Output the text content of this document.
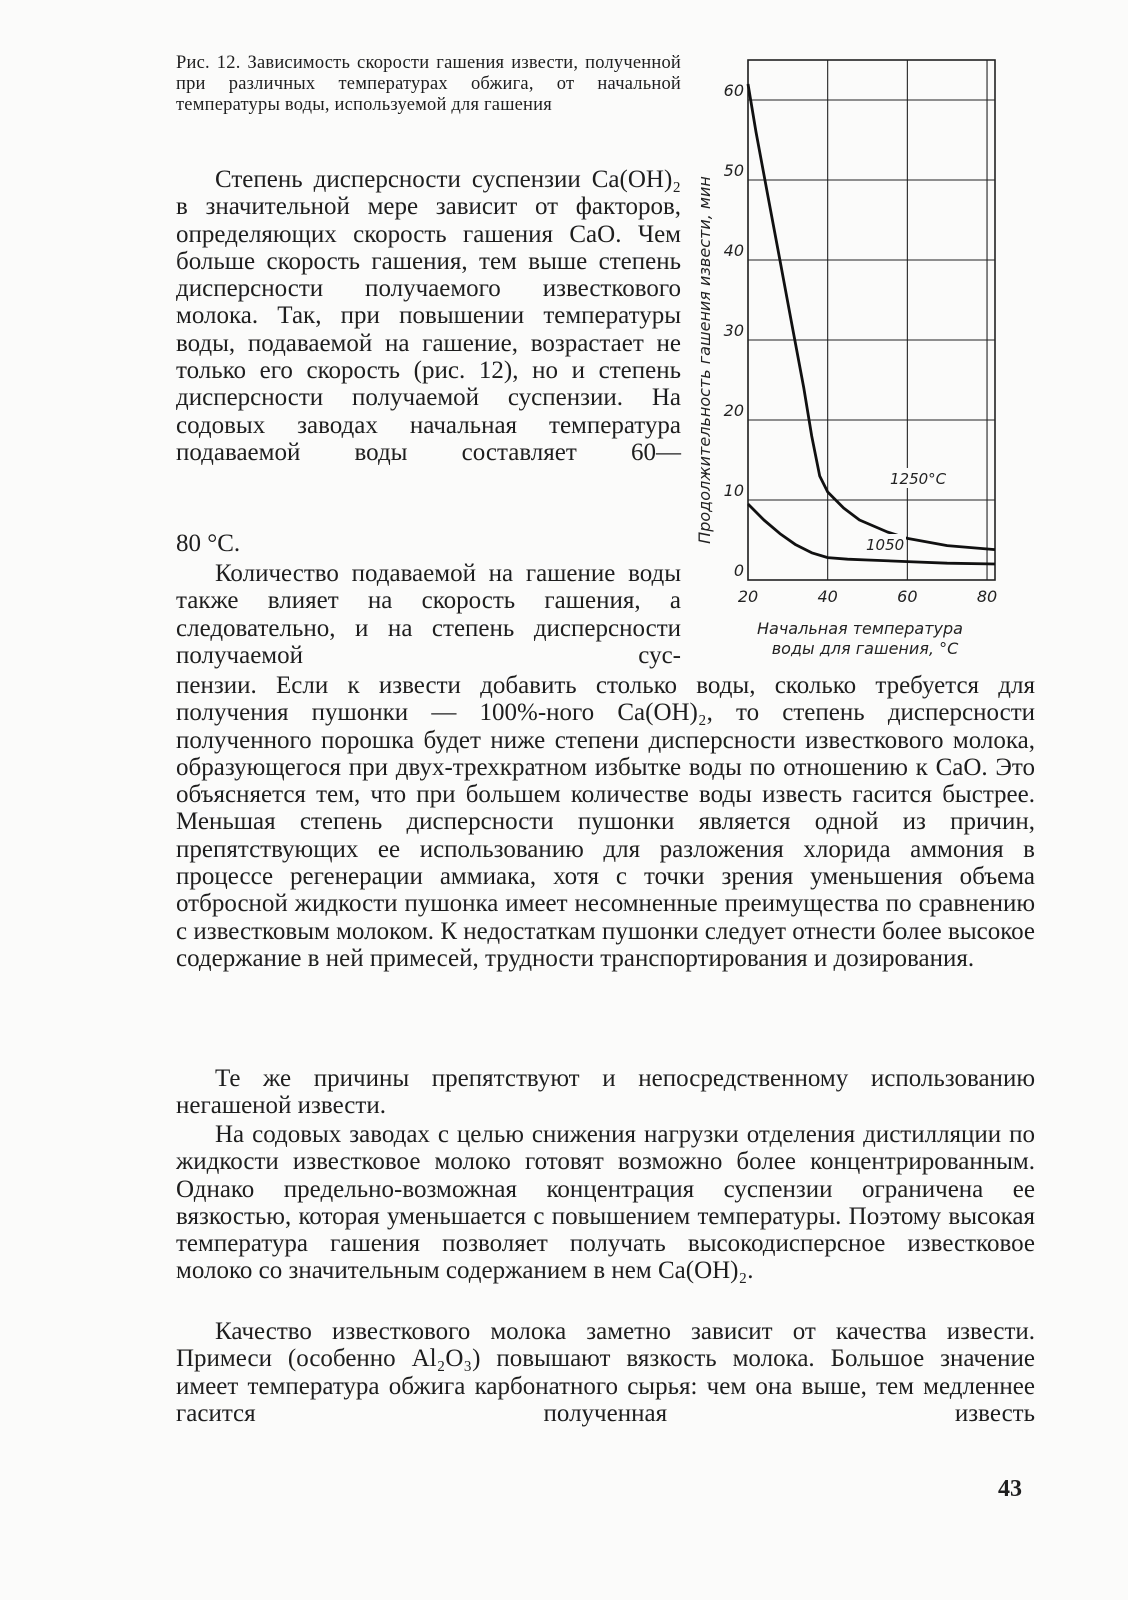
Рис. 12. Зависимость скорости гашения извести, полученной при различных температурах обжига, от начальной температуры воды, используемой для гашения
0
10
20
30
40
50
60
20	40	60	80
1250°C
1050
Продолжительность гашения извести, мин
Начальная температура
воды для гашения, °C
Степень дисперсности суспензии Ca(OH)₂ в значительной мере зависит от факторов, определяющих скорость гашения CaO. Чем больше скорость гашения, тем выше степень дисперсности получаемого известкового молока. Так, при повышении температуры воды, подаваемой на гашение, возрастает не только его скорость (рис. 12), но и степень дисперсности получаемой суспензии. На содовых заводах начальная температура подаваемой воды составляет 60—
80 °C.
Количество подаваемой на гашение воды также влияет на скорость гашения, а следовательно, и на степень дисперсности получаемой сус-
пензии. Если к извести добавить столько воды, сколько требуется для получения пушонки — 100%-ного Ca(OH)₂, то степень дисперсности полученного порошка будет ниже степени дисперсности известкового молока, образующегося при двух-трехкратном избытке воды по отношению к CaO. Это объясняется тем, что при большем количестве воды известь гасится быстрее. Меньшая степень дисперсности пушонки является одной из причин, препятствующих ее использованию для разложения хлорида аммония в процессе регенерации аммиака, хотя с точки зрения уменьшения объема отбросной жидкости пушонка имеет несомненные преимущества по сравнению с известковым молоком. К недостаткам пушонки следует отнести более высокое содержание в ней примесей, трудности транспортирования и дозирования.
Те же причины препятствуют и непосредственному использованию негашеной извести.
На содовых заводах с целью снижения нагрузки отделения дистилляции по жидкости известковое молоко готовят возможно более концентрированным. Однако предельно-возможная концентрация суспензии ограничена ее вязкостью, которая уменьшается с повышением температуры. Поэтому высокая температура гашения позволяет получать высокодисперсное известковое молоко со значительным содержанием в нем Ca(OH)₂.
Качество известкового молока заметно зависит от качества извести. Примеси (особенно Al₂O₃) повышают вязкость молока. Большое значение имеет температура обжига карбонатного сырья: чем она выше, тем медленнее гасится полученная известь
43
